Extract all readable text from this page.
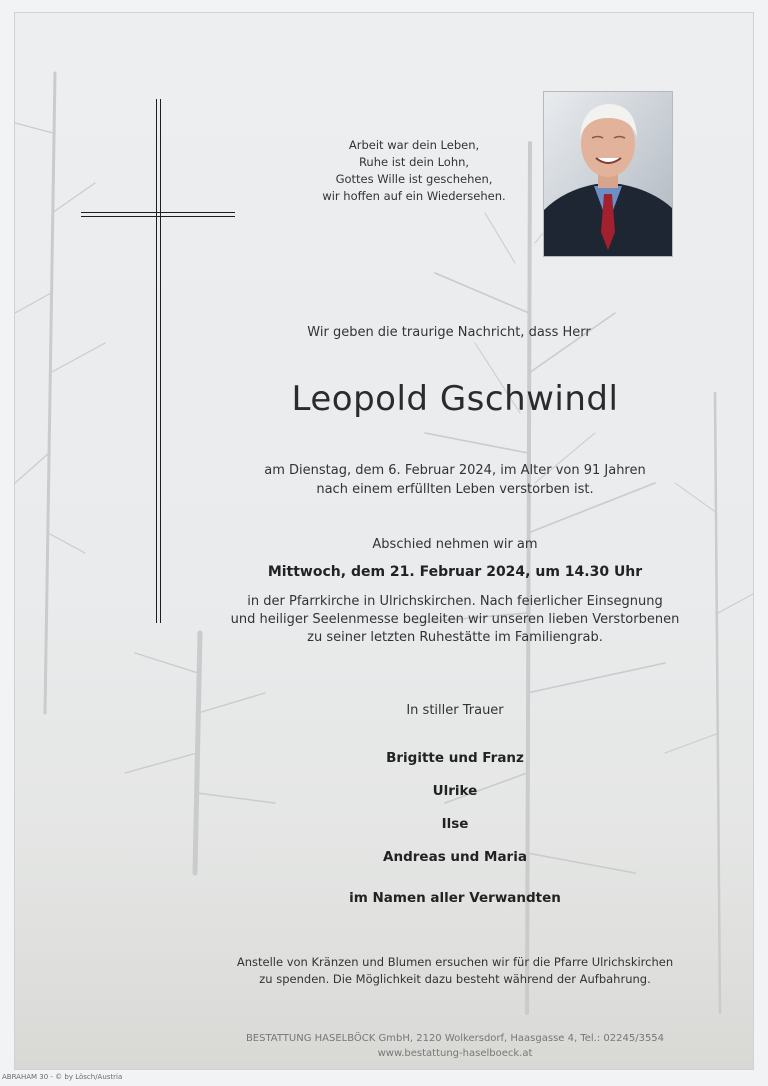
Arbeit war dein Leben,
Ruhe ist dein Lohn,
Gottes Wille ist geschehen,
wir hoffen auf ein Wiedersehen.
Wir geben die traurige Nachricht, dass Herr
Leopold Gschwindl
am Dienstag, dem 6. Februar 2024, im Alter von 91 Jahren
nach einem erfüllten Leben verstorben ist.
Abschied nehmen wir am
Mittwoch, dem 21. Februar 2024, um 14.30 Uhr
in der Pfarrkirche in Ulrichskirchen. Nach feierlicher Einsegnung
und heiliger Seelenmesse begleiten wir unseren lieben Verstorbenen
zu seiner letzten Ruhestätte im Familiengrab.
In stiller Trauer
Brigitte und Franz
Ulrike
Ilse
Andreas und Maria
im Namen aller Verwandten
Anstelle von Kränzen und Blumen ersuchen wir für die Pfarre Ulrichskirchen
zu spenden. Die Möglichkeit dazu besteht während der Aufbahrung.
BESTATTUNG HASELBÖCK GmbH, 2120 Wolkersdorf, Haasgasse 4, Tel.: 02245/3554
www.bestattung-haselboeck.at
ABRAHAM 30 - © by Lösch/Austria
